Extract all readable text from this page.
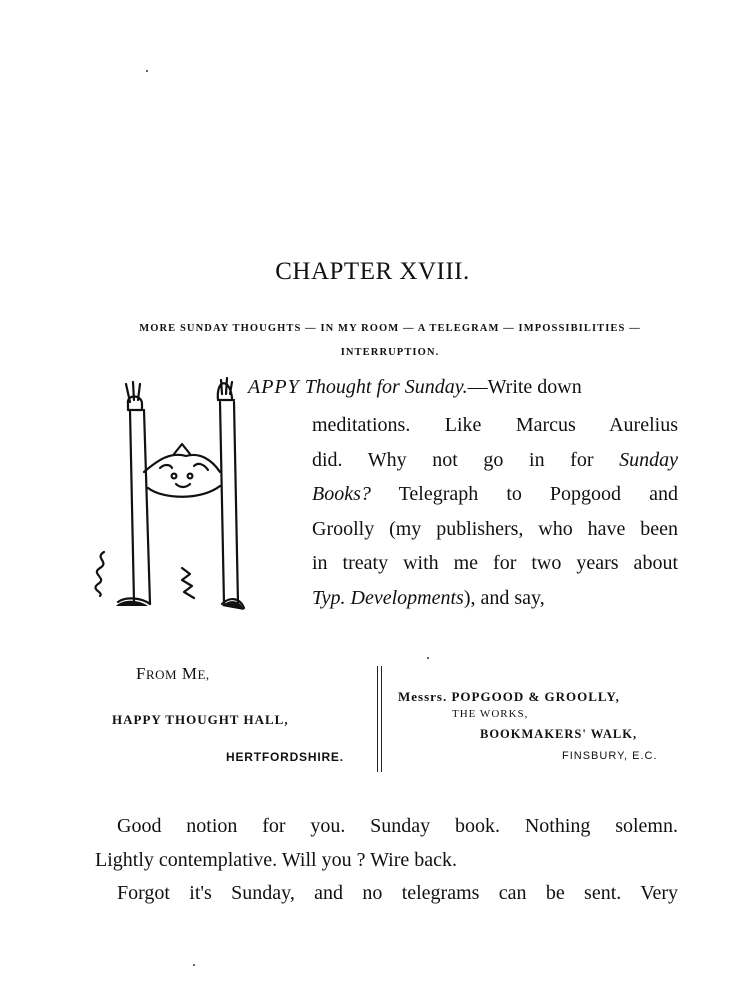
CHAPTER XVIII.
MORE SUNDAY THOUGHTS — IN MY ROOM — A TELEGRAM — IMPOSSIBILITIES —
INTERRUPTION.
APPY Thought for Sunday.—Write down
meditations. Like Marcus Aurelius
did. Why not go in for Sunday
Books? Telegraph to Popgood and
Groolly (my publishers, who have been
in treaty with me for two years about
Typ. Developments), and say,
FROM ME,
HAPPY THOUGHT HALL,
HERTFORDSHIRE.
Messrs. POPGOOD & GROOLLY,
THE WORKS,
BOOKMAKERS' WALK,
FINSBURY, E.C.
Good notion for you. Sunday book. Nothing solemn.
Lightly contemplative. Will you ? Wire back.
Forgot it's Sunday, and no telegrams can be sent. Very
